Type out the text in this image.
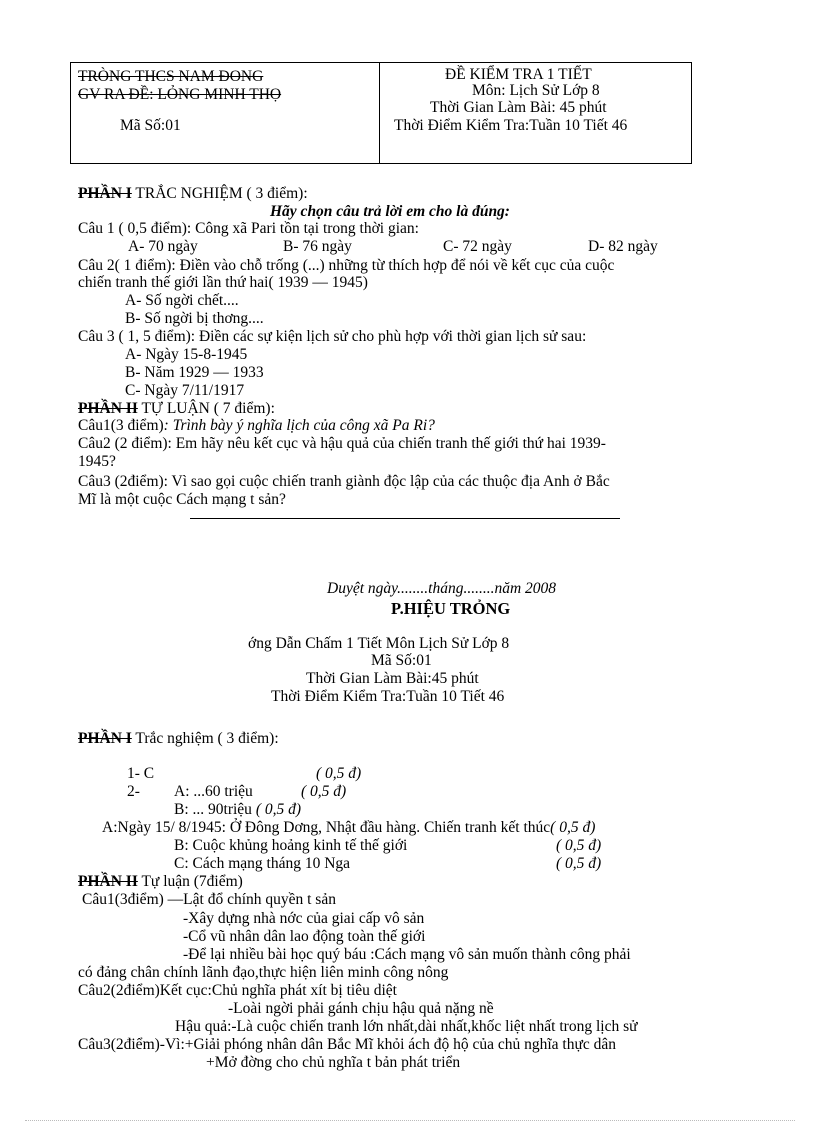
TRÒNG THCS NAM ĐONG
GV RA ĐỀ: LỎNG MINH THỌ
Mã Số:01
ĐỀ KIỂM TRA 1 TIẾT
Môn: Lịch Sử Lớp 8
Thời Gian Làm Bài: 45 phút
Thời Điểm Kiểm Tra:Tuần 10 Tiết 46
PHẦN I TRẮC NGHIỆM ( 3 điểm):
Hãy chọn câu trả lời em cho là đúng:
Câu 1 ( 0,5 điểm): Công xã Pari tồn tại trong thời gian:
A- 70 ngày	B- 76 ngày	C- 72 ngày	D- 82 ngày
Câu 2( 1 điểm): Điền vào chỗ trống (...) những từ thích hợp để nói về kết cục của cuộc
chiến tranh thế giới lần thứ hai( 1939 — 1945)
A- Số ngời chết....
B- Số ngời bị thơng....
Câu 3 ( 1, 5 điểm): Điền các sự kiện lịch sử cho phù hợp với thời gian lịch sử sau:
A- Ngày 15-8-1945
B- Năm 1929 — 1933
C- Ngày 7/11/1917
PHẦN II TỰ LUẬN ( 7 điểm):
Câu1(3 điểm): Trình bày ý nghĩa lịch của công xã Pa Ri?
Câu2 (2 điểm): Em hãy nêu kết cục và hậu quả của chiến tranh thế giới thứ hai 1939-
1945?
Câu3 (2điểm): Vì sao gọi cuộc chiến tranh giành độc lập của các thuộc địa Anh ở Bắc
Mĩ là một cuộc Cách mạng t sản?
Duyệt ngày........tháng........năm 2008
P.HIỆU TRỎNG
ớng Dẫn Chấm 1 Tiết Môn Lịch Sử Lớp 8
Mã Số:01
Thời Gian Làm Bài:45 phút
Thời Điểm Kiểm Tra:Tuần 10 Tiết 46
PHẦN I Trắc nghiệm ( 3 điểm):
1- C	( 0,5 đ)
2- A: ...60 triệu	( 0,5 đ)
B: ... 90triệu ( 0,5 đ)
A:Ngày 15/ 8/1945: Ở Đông Dơng, Nhật đầu hàng. Chiến tranh kết thúc( 0,5 đ)
B: Cuộc khủng hoảng kinh tế thế giới	( 0,5 đ)
C: Cách mạng tháng 10 Nga	( 0,5 đ)
PHẦN II Tự luận (7điểm)
Câu1(3điểm) —Lật đổ chính quyền t sản
-Xây dựng nhà nớc của giai cấp vô sản
-Cổ vũ nhân dân lao động toàn thế giới
-Để lại nhiều bài học quý báu :Cách mạng vô sản muốn thành công phải
có đảng chân chính lãnh đạo,thực hiện liên minh công nông
Câu2(2điểm)Kết cục:Chủ nghĩa phát xít bị tiêu diệt
-Loài ngời phải gánh chịu hậu quả nặng nề
Hậu quả:-Là cuộc chiến tranh lớn nhất,dài nhất,khốc liệt nhất trong lịch sử
Câu3(2điểm)-Vì:+Giải phóng nhân dân Bắc Mĩ khỏi ách độ hộ của chủ nghĩa thực dân
+Mở đờng cho chủ nghĩa t bản phát triển
